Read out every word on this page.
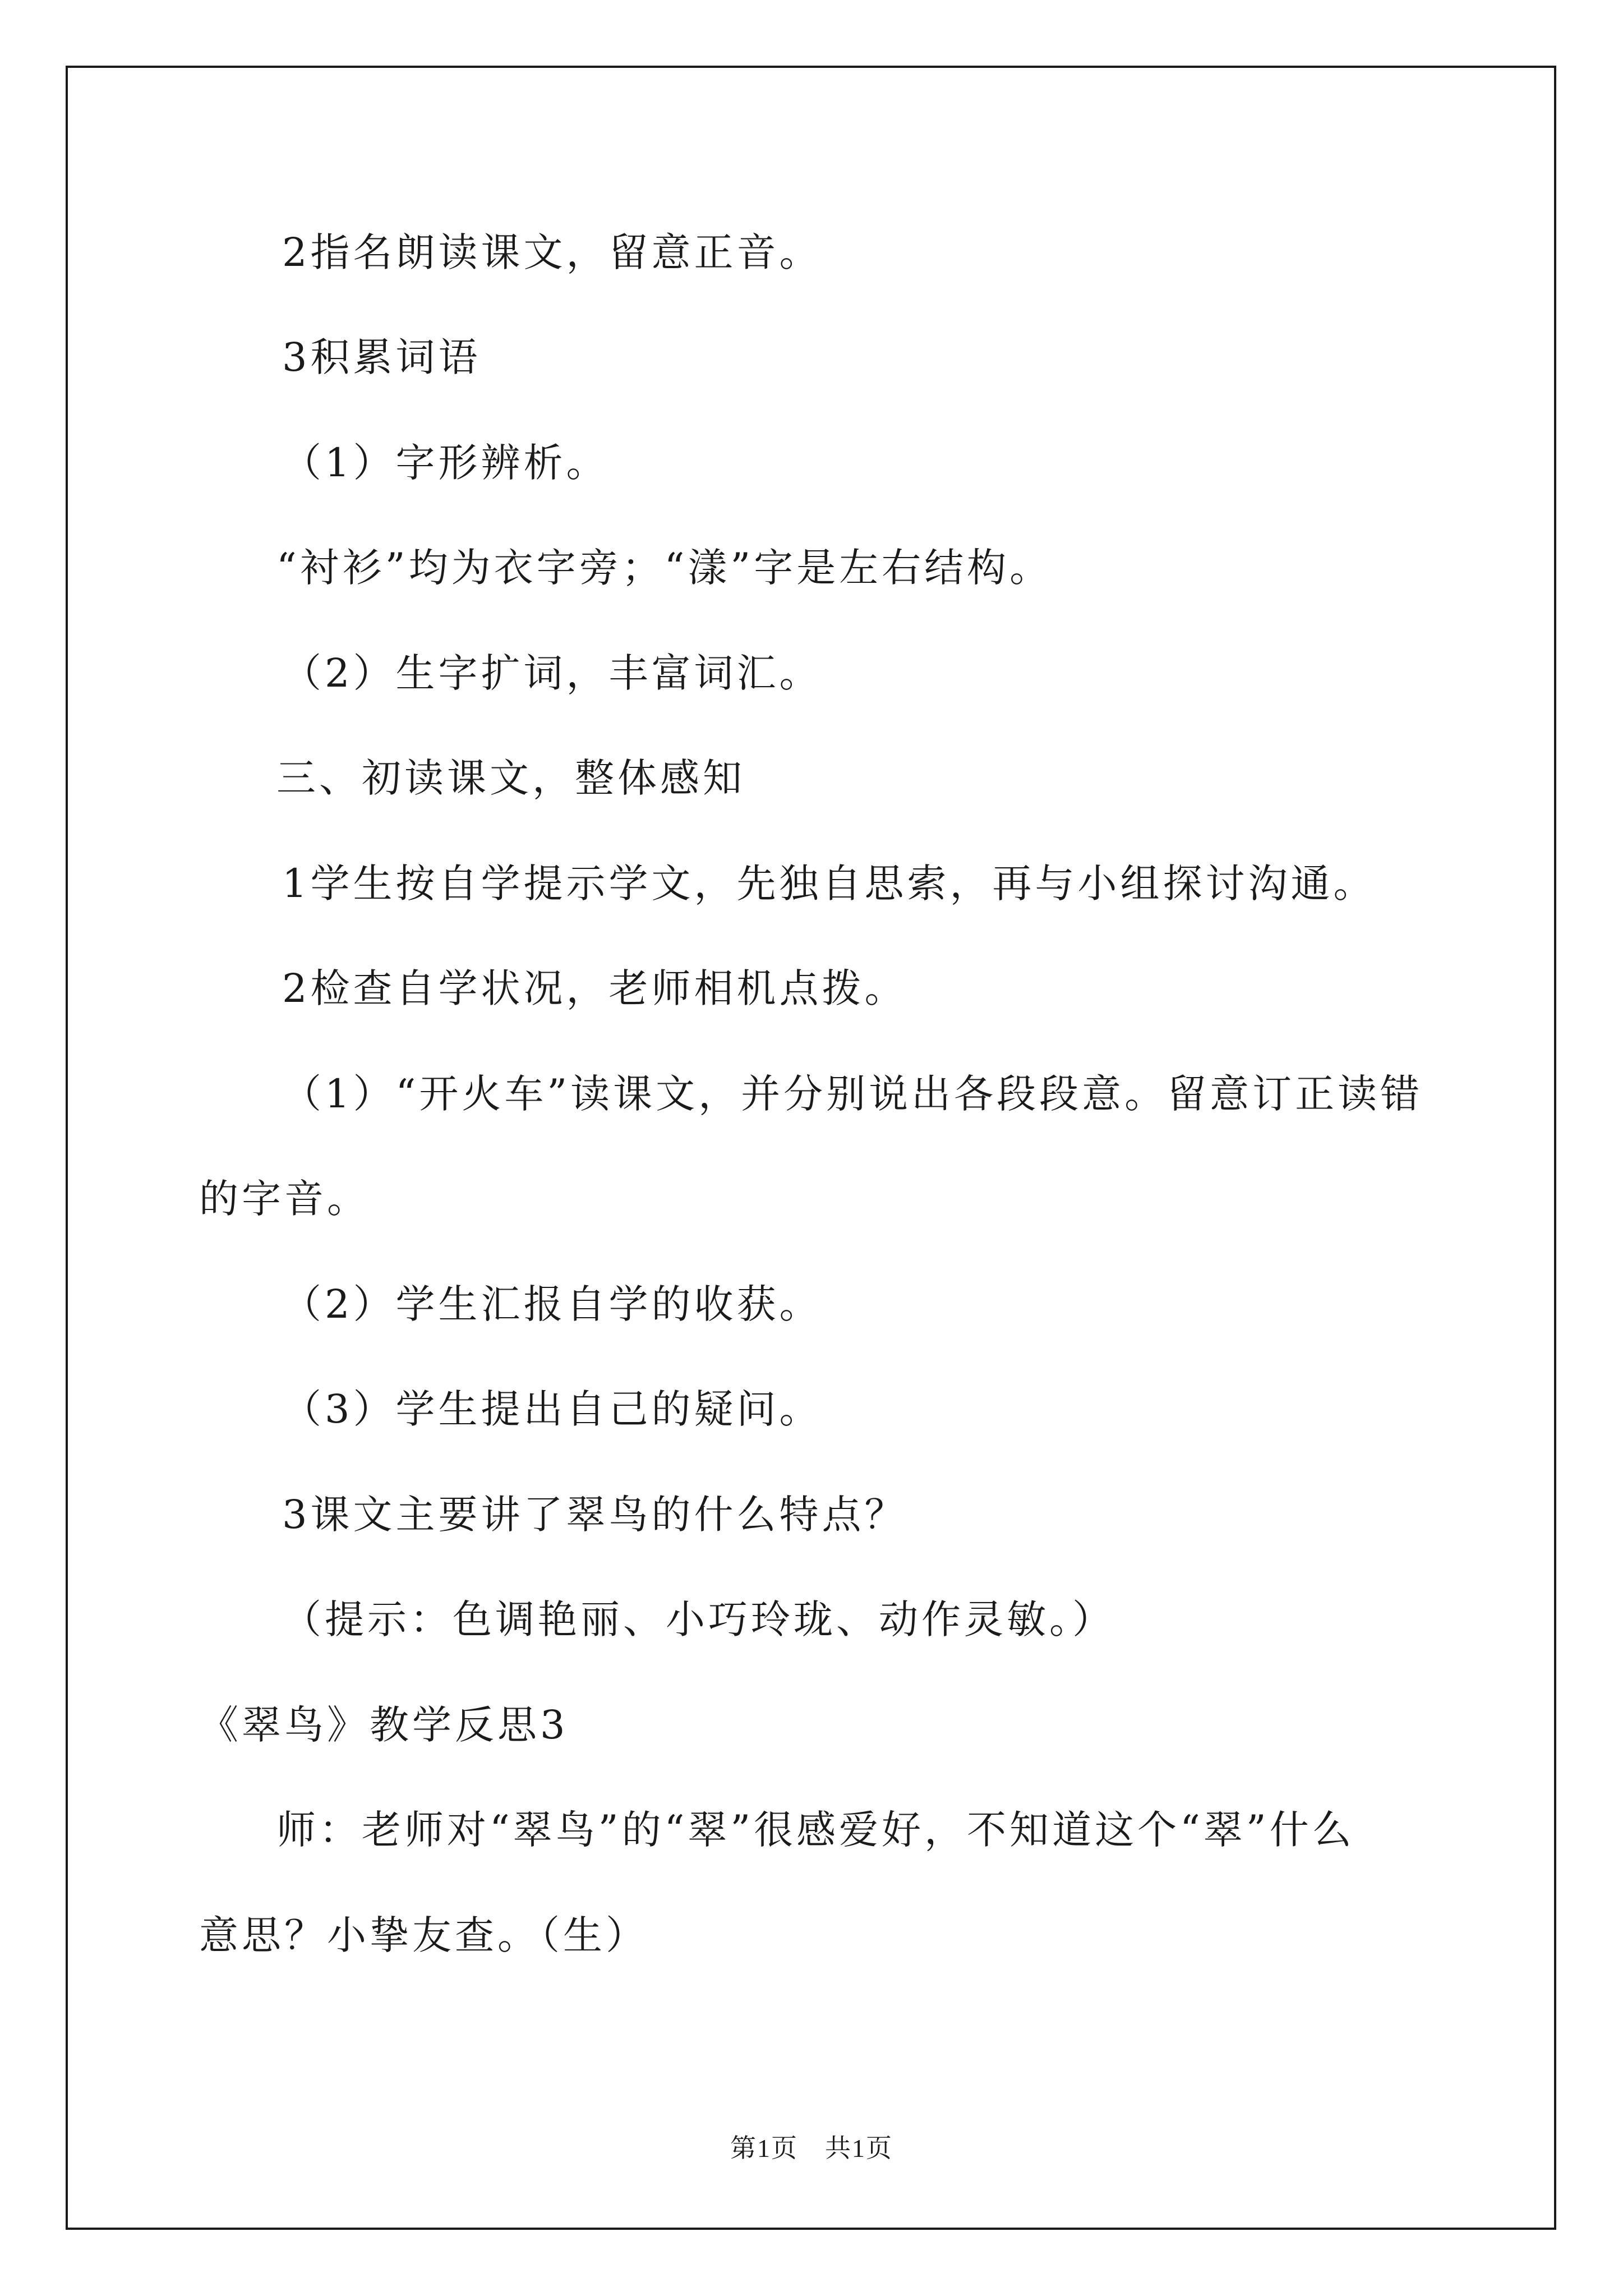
2指名朗读课文，留意正音。
3积累词语
（1）字形辨析。
“衬衫”均为衣字旁；“漾”字是左右结构。
（2）生字扩词，丰富词汇。
三、初读课文，整体感知
1学生按自学提示学文，先独自思索，再与小组探讨沟通。
2检查自学状况，老师相机点拨。
（1）“开火车”读课文，并分别说出各段段意。留意订正读错
的字音。
（2）学生汇报自学的收获。
（3）学生提出自己的疑问。
3课文主要讲了翠鸟的什么特点？
（提示：色调艳丽、小巧玲珑、动作灵敏。）
《翠鸟》教学反思3
师：老师对“翠鸟”的“翠”很感爱好，不知道这个“翠”什么
意思？小挚友查。（生）
第1页　共1页
